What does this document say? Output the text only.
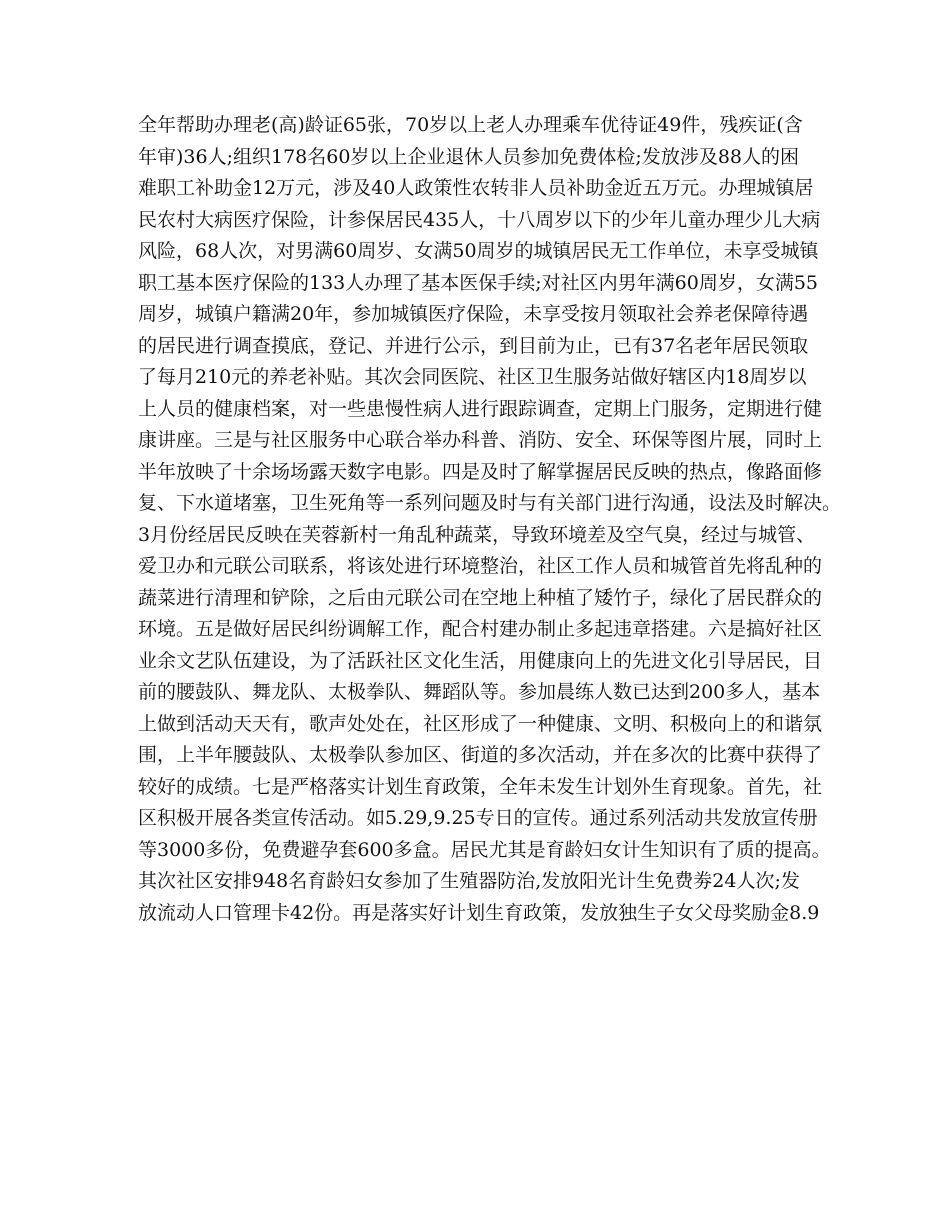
全年帮助办理老(高)龄证65张，70岁以上老人办理乘车优待证49件，残疾证(含
年审)36人;组织178名60岁以上企业退休人员参加免费体检;发放涉及88人的困
难职工补助金12万元，涉及40人政策性农转非人员补助金近五万元。办理城镇居
民农村大病医疗保险，计参保居民435人，十八周岁以下的少年儿童办理少儿大病
风险，68人次，对男满60周岁、女满50周岁的城镇居民无工作单位，未享受城镇
职工基本医疗保险的133人办理了基本医保手续;对社区内男年满60周岁，女满55
周岁，城镇户籍满20年，参加城镇医疗保险，未享受按月领取社会养老保障待遇
的居民进行调查摸底，登记、并进行公示，到目前为止，已有37名老年居民领取
了每月210元的养老补贴。其次会同医院、社区卫生服务站做好辖区内18周岁以
上人员的健康档案，对一些患慢性病人进行跟踪调查，定期上门服务，定期进行健
康讲座。三是与社区服务中心联合举办科普、消防、安全、环保等图片展，同时上
半年放映了十余场场露天数字电影。四是及时了解掌握居民反映的热点，像路面修
复、下水道堵塞，卫生死角等一系列问题及时与有关部门进行沟通，设法及时解决。
3月份经居民反映在芙蓉新村一角乱种蔬菜，导致环境差及空气臭，经过与城管、
爱卫办和元联公司联系，将该处进行环境整治，社区工作人员和城管首先将乱种的
蔬菜进行清理和铲除，之后由元联公司在空地上种植了矮竹子，绿化了居民群众的
环境。五是做好居民纠纷调解工作，配合村建办制止多起违章搭建。六是搞好社区
业余文艺队伍建设，为了活跃社区文化生活，用健康向上的先进文化引导居民，目
前的腰鼓队、舞龙队、太极拳队、舞蹈队等。参加晨练人数已达到200多人，基本
上做到活动天天有，歌声处处在，社区形成了一种健康、文明、积极向上的和谐氛
围，上半年腰鼓队、太极拳队参加区、街道的多次活动，并在多次的比赛中获得了
较好的成绩。七是严格落实计划生育政策，全年未发生计划外生育现象。首先，社
区积极开展各类宣传活动。如5.29,9.25专日的宣传。通过系列活动共发放宣传册
等3000多份，免费避孕套600多盒。居民尤其是育龄妇女计生知识有了质的提高。
其次社区安排948名育龄妇女参加了生殖器防治,发放阳光计生免费劵24人次;发
放流动人口管理卡42份。再是落实好计划生育政策，发放独生子女父母奖励金8.9
